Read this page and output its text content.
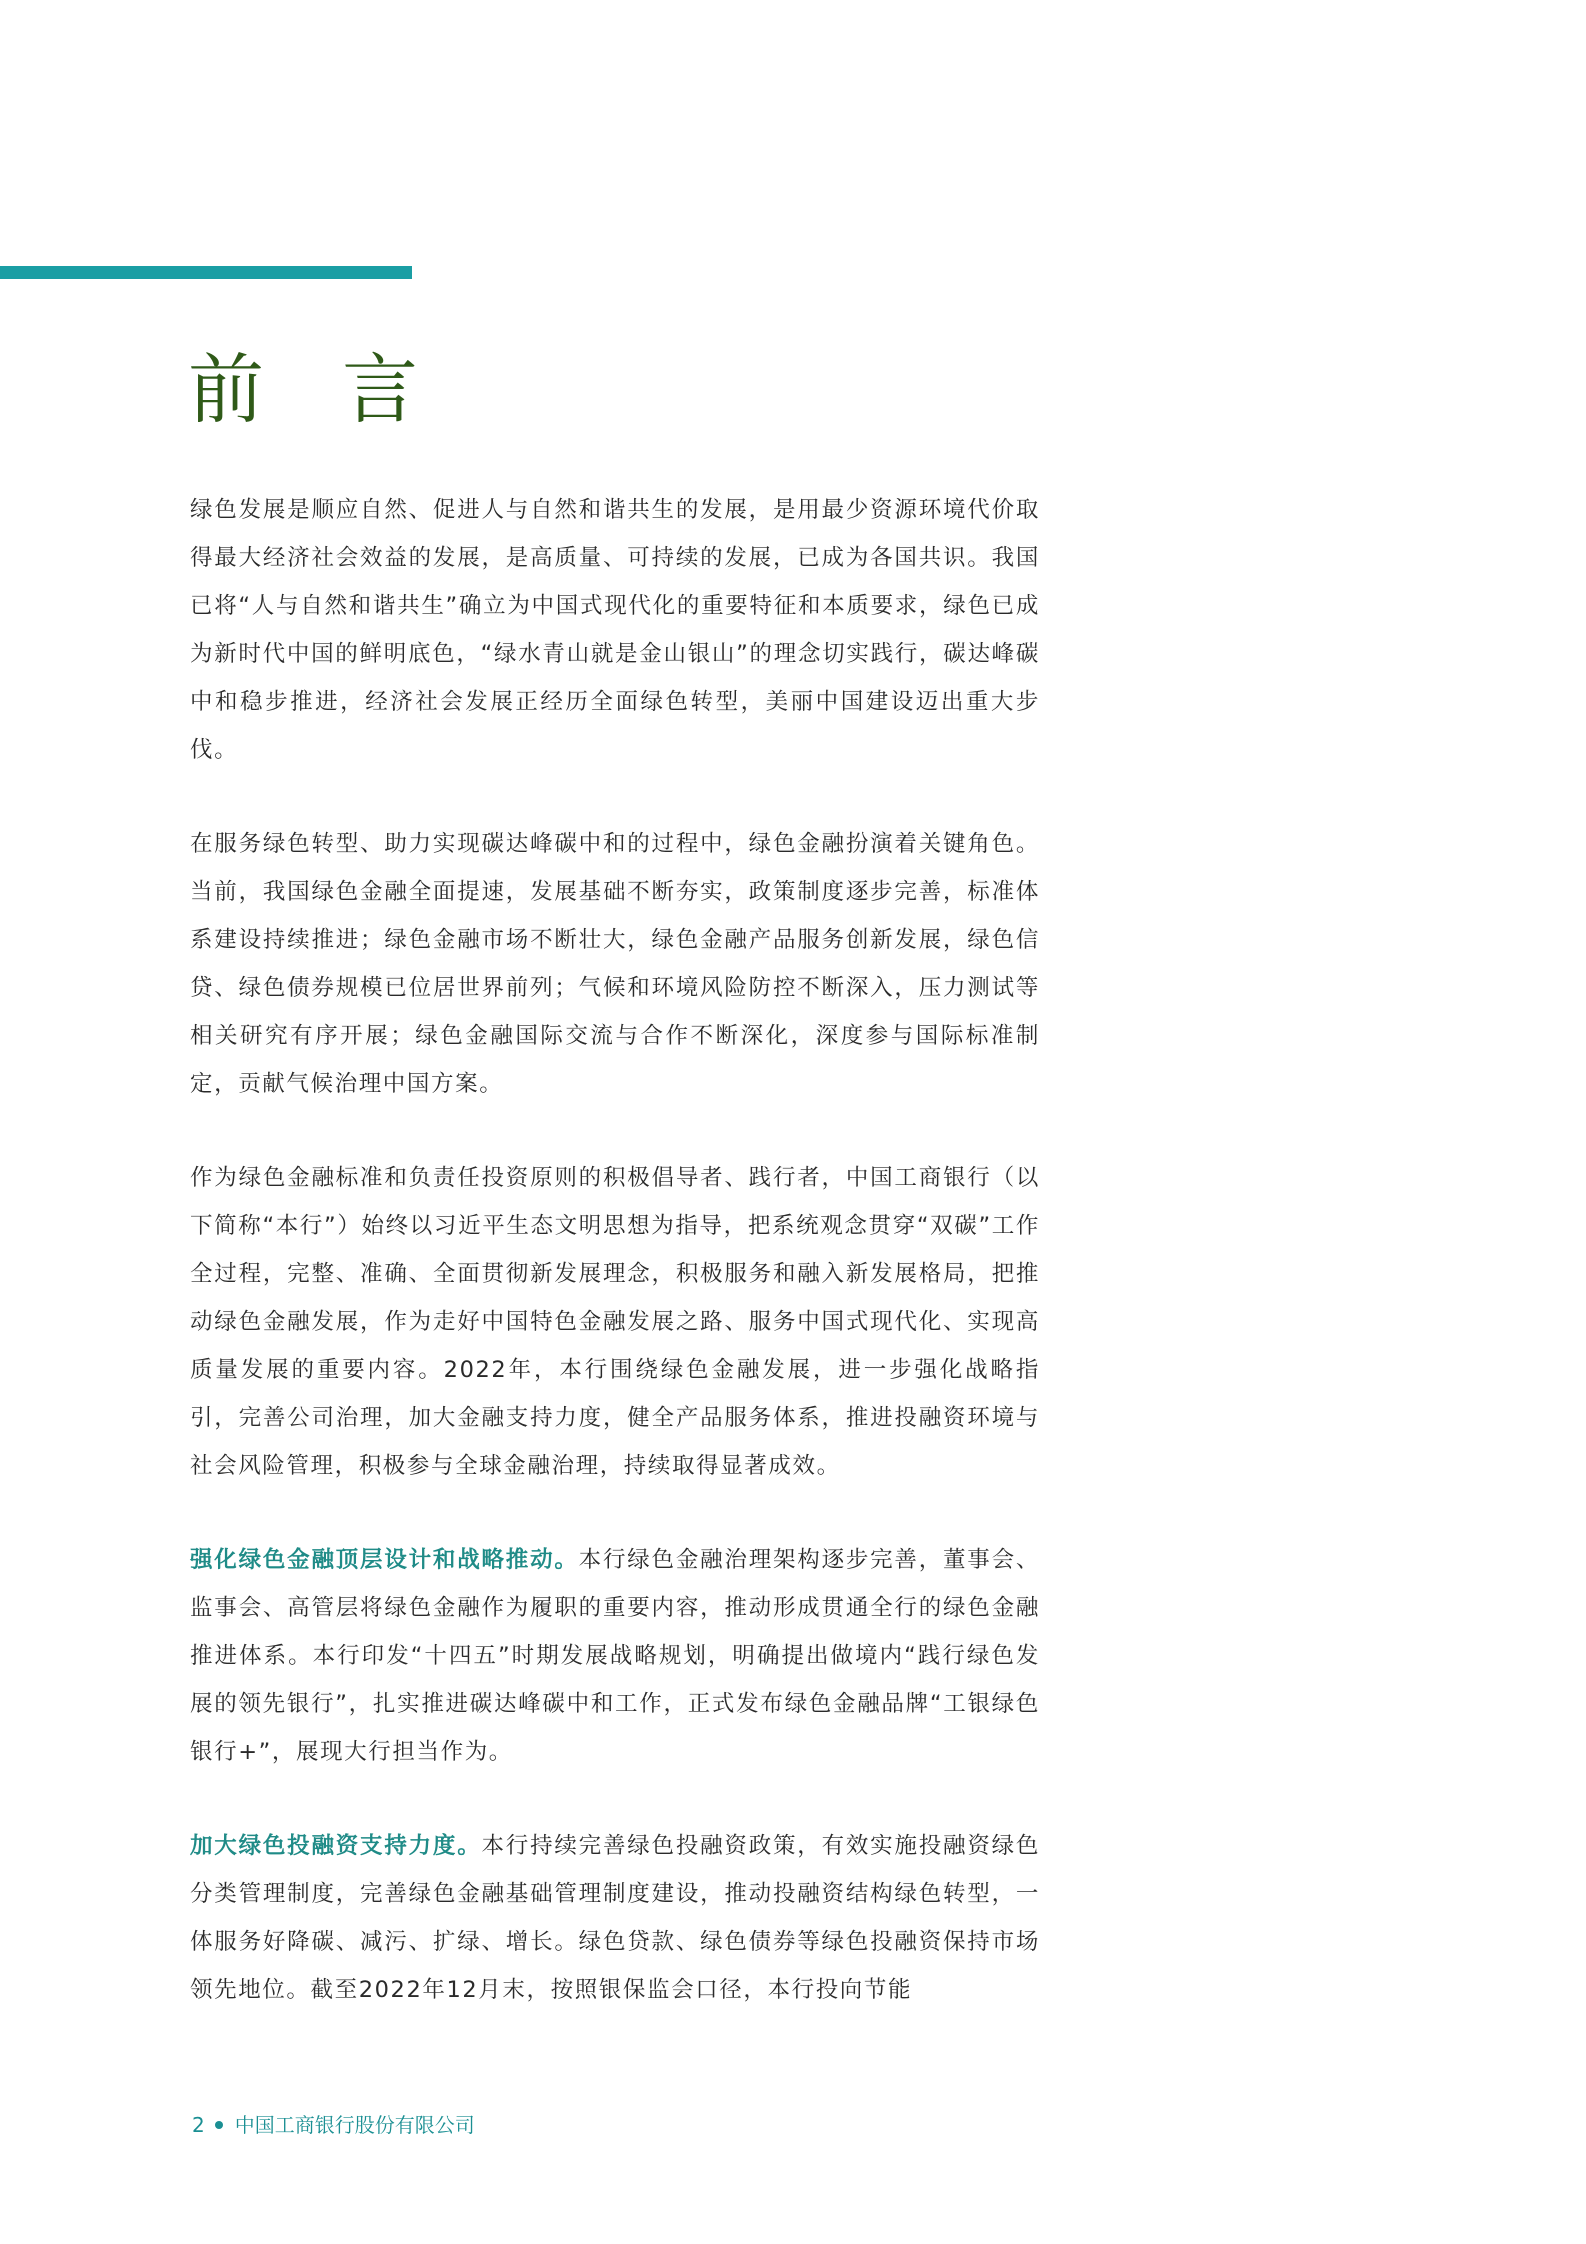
前言

绿色发展是顺应自然、促进人与自然和谐共生的发展，是用最少资源环境代价取得最大经济社会效益的发展，是高质量、可持续的发展，已成为各国共识。我国已将“人与自然和谐共生”确立为中国式现代化的重要特征和本质要求，绿色已成为新时代中国的鲜明底色，“绿水青山就是金山银山”的理念切实践行，碳达峰碳中和稳步推进，经济社会发展正经历全面绿色转型，美丽中国建设迈出重大步伐。

在服务绿色转型、助力实现碳达峰碳中和的过程中，绿色金融扮演着关键角色。当前，我国绿色金融全面提速，发展基础不断夯实，政策制度逐步完善，标准体系建设持续推进；绿色金融市场不断壮大，绿色金融产品服务创新发展，绿色信贷、绿色债券规模已位居世界前列；气候和环境风险防控不断深入，压力测试等相关研究有序开展；绿色金融国际交流与合作不断深化，深度参与国际标准制定，贡献气候治理中国方案。

作为绿色金融标准和负责任投资原则的积极倡导者、践行者，中国工商银行（以下简称“本行”）始终以习近平生态文明思想为指导，把系统观念贯穿“双碳”工作全过程，完整、准确、全面贯彻新发展理念，积极服务和融入新发展格局，把推动绿色金融发展，作为走好中国特色金融发展之路、服务中国式现代化、实现高质量发展的重要内容。2022年，本行围绕绿色金融发展，进一步强化战略指引，完善公司治理，加大金融支持力度，健全产品服务体系，推进投融资环境与社会风险管理，积极参与全球金融治理，持续取得显著成效。

强化绿色金融顶层设计和战略推动。本行绿色金融治理架构逐步完善，董事会、监事会、高管层将绿色金融作为履职的重要内容，推动形成贯通全行的绿色金融推进体系。本行印发“十四五”时期发展战略规划，明确提出做境内“践行绿色发展的领先银行”，扎实推进碳达峰碳中和工作，正式发布绿色金融品牌“工银绿色银行+”，展现大行担当作为。

加大绿色投融资支持力度。本行持续完善绿色投融资政策，有效实施投融资绿色分类管理制度，完善绿色金融基础管理制度建设，推动投融资结构绿色转型，一体服务好降碳、减污、扩绿、增长。绿色贷款、绿色债券等绿色投融资保持市场领先地位。截至2022年12月末，按照银保监会口径，本行投向节能

2 中国工商银行股份有限公司
